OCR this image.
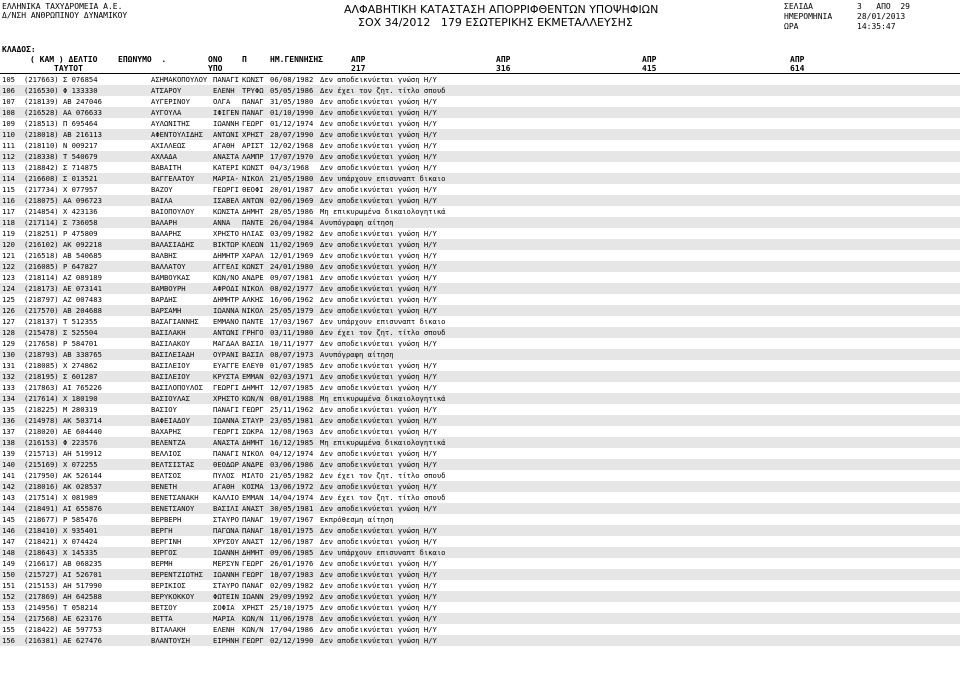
ΕΛΛΗΝΙΚΑ ΤΑΧΥΔΡΟΜΕΙΑ Α.Ε.
Δ/ΝΣΗ ΑΝΘΡΩΠΙΝΟΥ ΔΥΝΑΜΙΚΟΥ	ΑΛΦΑΒΗΤΙΚΗ ΚΑΤΑΣΤΑΣΗ ΑΠΟΡΡΙΦΘΕΝΤΩΝ ΥΠΟΨΗΦΙΩΝ
ΣΟΧ 34/2012   179 ΕΣΩΤΕΡΙΚΗΣ ΕΚΜΕΤΑΛΛΕΥΣΗΣ
ΣΕΛΙΔΑ	3   ΑΠΟ  29
ΗΜΕΡΟΜΗΝΙΑ	28/01/2013
ΩΡΑ	14:35:47
ΚΛΑΔΟΣ:
( ΚΑΜ ) ΔΕΛΤΙΟ
ΤΑΥΤΟΤ
ΕΠΩΝΥΜΟ  .	ΟΝΟ
ΥΠΟ
Π	ΗΜ.ΓΕΝΝΗΣΗΣ	ΑΠΡ
217
ΑΠΡ
316
ΑΠΡ
415
ΑΠΡ
614
105 (217663) Σ 076854	ΑΣΗΜΑΚΟΠΟΥΛΟΥ ΠΑΝΑΓΙ ΚΩΝΣΤ 06/08/1982 Δεν αποδεικνύεται γνώση Η/Υ
106 (216530) Φ 133330	ΑΤΣΑΡΟΥ	ΕΛΕΝΗ ΤΡΥΦΩ 05/05/1986 Δεν έχει τον ζητ. τίτλο σπουδ
107 (218139) ΑΒ 247046	ΑΥΓΕΡΙΝΟΥ	ΟΛΓΑ ΠΑΝΑΓ 31/05/1980 Δεν αποδεικνύεται γνώση Η/Υ
108 (216528) ΑΑ 076633	ΑΥΓΟΥΛΑ	ΙΦΙΓΕΝ ΠΑΝΑΓ 01/10/1990 Δεν αποδεικνύεται γνώση Η/Υ
109 (218513) Π 695464	ΑΥΛΩΝΙΤΗΣ	ΙΩΑΝΝΗ ΓΕΩΡΓ 01/12/1974 Δεν αποδεικνύεται γνώση Η/Υ
110 (218018) ΑΒ 216113	ΑΦΕΝΤΟΥΛΙΔΗΣ ΑΝΤΩΝΙ ΧΡΗΣΤ 28/07/1990 Δεν αποδεικνύεται γνώση Η/Υ
111 (218110) Ν 009217	ΑΧΙΛΛΕΩΣ	ΑΓΑΘΗ ΑΡΙΣΤ 12/02/1968 Δεν αποδεικνύεται γνώση Η/Υ
112 (218338) Τ 540679	ΑΧΛΑΔΑ	ΑΝΑΣΤΑ ΛΑΜΠΡ 17/07/1970 Δεν αποδεικνύεται γνώση Η/Υ
113 (218842) Σ 714875	ΒΑΒΑΙΤΗ	ΚΑΤΕΡΙ ΚΩΝΣΤ 04/3/1968 Δεν αποδεικνύεται γνώση Η/Υ
114 (216608) Σ 013521	ΒΑΓΓΕΛΑΤΟΥ	ΜΑΡΙΑ- ΝΙΚΟΛ 21/05/1980 Δεν υπάρχουν επισυναπτ δικαιο
115 (217734) Χ 077957	ΒΑΖΟΥ	ΓΕΩΡΓΙ ΘΕΟΦΙ 20/01/1987 Δεν αποδεικνύεται γνώση Η/Υ
116 (218075) ΑΑ 096723	ΒΑΙΛΑ	ΙΣΑΒΕΛ ΑΝΤΩΝ 02/06/1969 Δεν αποδεικνύεται γνώση Η/Υ
117 (214854) Χ 423136	ΒΑΙΟΠΟΥΛΟΥ	ΚΩΝΣΤΑ ΔΗΜΗΤ 28/05/1986 Μη επικυρωμένα δικαιολογητικά
118 (217114) Σ 736058	ΒΑΛΑΡΗ	ΑΝΝΑ ΠΑΝΤΕ 26/04/1984 Ανυπόγραφη αίτηση
119 (218251) Ρ 475809	ΒΑΛΑΡΗΣ	ΧΡΗΣΤΟ ΗΛΙΑΣ 03/09/1982 Δεν αποδεικνύεται γνώση Η/Υ
120 (216102) ΑΚ 092218	ΒΑΛΑΣΙΑΔΗΣ	ΒΙΚΤΩΡ ΚΛΕΩΝ 11/02/1969 Δεν αποδεικνύεται γνώση Η/Υ
121 (216518) ΑΒ 540685	ΒΑΛΒΗΣ	ΔΗΜΗΤΡ ΧΑΡΑΛ 12/01/1969 Δεν αποδεικνύεται γνώση Η/Υ
122 (216085) Ρ 647827	ΒΑΛΛΑΤΟΥ	ΑΓΓΕΛΙ ΚΩΝΣΤ 24/01/1980 Δεν αποδεικνύεται γνώση Η/Υ
123 (218114) ΑΖ 089189	ΒΑΜΒΟΥΚΑΣ	ΚΩΝ/ΝΟ ΑΝΔΡΕ 09/07/1981 Δεν αποδεικνύεται γνώση Η/Υ
124 (218173) ΑΕ 073141	ΒΑΜΒΟΥΡΗ	ΑΦΡΟΔΙ ΝΙΚΟΛ 08/02/1977 Δεν αποδεικνύεται γνώση Η/Υ
125 (218797) ΑΖ 007483	ΒΑΡΔΗΣ	ΔΗΜΗΤΡ ΑΛΚΗΣ 16/06/1962 Δεν αποδεικνύεται γνώση Η/Υ
126 (217570) ΑΒ 204688	ΒΑΡΣΑΜΗ	ΙΩΑΝΝΑ ΝΙΚΟΛ 25/05/1979 Δεν αποδεικνύεται γνώση Η/Υ
127 (218137) Τ 512355	ΒΑΣΑΓΙΑΝΝΗΣ ΕΜΜΑΝΟ ΠΑΝΤΕ 17/03/1967 Δεν υπάρχουν επισυναπτ δικαιο
128 (215478) Σ 525504	ΒΑΣΙΛΑΚΗ	ΑΝΤΩΝΙ ΓΡΗΓΟ 03/11/1980 Δεν έχει τον ζητ. τίτλο σπουδ
129 (217658) Ρ 584701	ΒΑΣΙΛΑΚΟΥ	ΜΑΓΔΑΛ ΒΑΣΙΛ 10/11/1977 Δεν αποδεικνύεται γνώση Η/Υ
130 (218793) ΑΒ 338765	ΒΑΣΙΛΕΙΑΔΗ	ΟΥΡΑΝΙ ΒΑΣΙΛ 08/07/1973 Ανυπόγραφη αίτηση
131 (218085) Χ 274862	ΒΑΣΙΛΕΙΟΥ	ΕΥΑΓΓΕ ΕΛΕΥΘ 01/07/1985 Δεν αποδεικνύεται γνώση Η/Υ
132 (218195) Σ 601287	ΒΑΣΙΛΕΙΟΥ	ΚΡΥΣΤΑ ΕΜΜΑΝ 02/03/1971 Δεν αποδεικνύεται γνώση Η/Υ
133 (217863) ΑΙ 765226	ΒΑΣΙΛΟΠΟΥΛΟΣ ΓΕΩΡΓΙ ΔΗΜΗΤ 12/07/1985 Δεν αποδεικνύεται γνώση Η/Υ
134 (217614) Χ 180190	ΒΑΣΙΟΥΛΑΣ	ΧΡΗΣΤΟ ΚΩΝ/Ν 08/01/1988 Μη επικυρωμένα δικαιολογητικά
135 (218225) Μ 280319	ΒΑΣΙΟΥ	ΠΑΝΑΓΙ ΓΕΩΡΓ 25/11/1962 Δεν αποδεικνύεται γνώση Η/Υ
136 (214978) ΑΚ 503714	ΒΑΦΕΙΑΔΟΥ	ΙΩΑΝΝΑ ΣΤΑΥΡ 23/05/1981 Δεν αποδεικνύεται γνώση Η/Υ
137 (218020) ΑΕ 604440	ΒΑΧΑΡΗΣ	ΓΕΩΡΓΙ ΣΩΚΡΑ 12/08/1963 Δεν αποδεικνύεται γνώση Η/Υ
138 (216153) Φ 223576	ΒΕΛΕΝΤΖΑ	ΑΝΑΣΤΑ ΔΗΜΗΤ 16/12/1985 Μη επικυρωμένα δικαιολογητικά
139 (215713) ΑΗ 519912	ΒΕΛΛΙΟΣ	ΠΑΝΑΓΙ ΝΙΚΟΛ 04/12/1974 Δεν αποδεικνύεται γνώση Η/Υ
140 (215169) Χ 072255	ΒΕΛΤΣΙΣΤΑΣ	ΘΕΟΔΩΡ ΑΝΔΡΕ 03/06/1986 Δεν αποδεικνύεται γνώση Η/Υ
141 (217950) ΑΚ 526144	ΒΕΛΤΣΟΣ	ΠΥΛΟΣ ΜΙΛΤΟ 21/05/1982 Δεν έχει τον ζητ. τίτλο σπουδ
142 (218016) ΑΚ 028537	ΒΕΝΕΤΗ	ΑΓΑΘΗ ΚΟΣΜΑ 13/06/1972 Δεν αποδεικνύεται γνώση Η/Υ
143 (217514) Χ 081989	ΒΕΝΕΤΣΑΝΑΚΗ ΚΑΛΛΙΟ ΕΜΜΑΝ 14/04/1974 Δεν έχει τον ζητ. τίτλο σπουδ
144 (218491) ΑΙ 655876	ΒΕΝΕΤΣΑΝΟΥ	ΒΑΣΙΛΙ ΑΝΑΣΤ 30/05/1981 Δεν αποδεικνύεται γνώση Η/Υ
145 (218677) Ρ 585476	ΒΕΡΒΕΡΗ	ΣΤΑΥΡΟ ΠΑΝΑΓ 19/07/1967 Εκπρόθεσμη αίτηση
146 (218410) Χ 935401	ΒΕΡΓΗ	ΠΑΓΩΝΑ ΠΑΝΑΓ 18/01/1975 Δεν αποδεικνύεται γνώση Η/Υ
147 (218421) Χ 074424	ΒΕΡΓΙΝΗ	ΧΡΥΣΟΥ ΑΝΑΣΤ 12/06/1987 Δεν αποδεικνύεται γνώση Η/Υ
148 (218643) Χ 145335	ΒΕΡΓΟΣ	ΙΩΑΝΝΗ ΔΗΜΗΤ 09/06/1985 Δεν υπάρχουν επισυναπτ δικαιο
149 (216617) ΑΒ 068235	ΒΕΡΜΗ	ΜΕΡΣΥΝ ΓΕΩΡΓ 26/01/1976 Δεν αποδεικνύεται γνώση Η/Υ
150 (215727) ΑΙ 526701	ΒΕΡΕΝΤΖΙΩΤΗΣ ΙΩΑΝΝΗ ΓΕΩΡΓ 18/07/1983 Δεν αποδεικνύεται γνώση Η/Υ
151 (215153) ΑΗ 517990	ΒΕΡΙΚΙΟΣ	ΣΤΑΥΡΟ ΠΑΝΑΓ 02/09/1982 Δεν αποδεικνύεται γνώση Η/Υ
152 (217869) ΑΗ 642588	ΒΕΡΥΚΟΚΚΟΥ	ΦΩΤΕΙΝ ΙΩΑΝΝ 29/09/1992 Δεν αποδεικνύεται γνώση Η/Υ
153 (214956) Τ 058214	ΒΕΤΣΟΥ	ΣΟΦΙΑ ΧΡΗΣΤ 25/10/1975 Δεν αποδεικνύεται γνώση Η/Υ
154 (217568) ΑΕ 623176	ΒΕΤΤΑ	ΜΑΡΙΑ ΚΩΝ/Ν 11/06/1978 Δεν αποδεικνύεται γνώση Η/Υ
155 (218422) ΑΕ 597753	ΒΙΤΑΛΑΚΗ	ΕΛΕΝΗ ΚΩΝ/Ν 17/04/1986 Δεν αποδεικνύεται γνώση Η/Υ
156 (216381) ΑΕ 627476	ΒΛΑΝΤΟΥΣΗ	ΕΙΡΗΝΗ ΓΕΩΡΓ 02/12/1990 Δεν αποδεικνύεται γνώση Η/Υ
